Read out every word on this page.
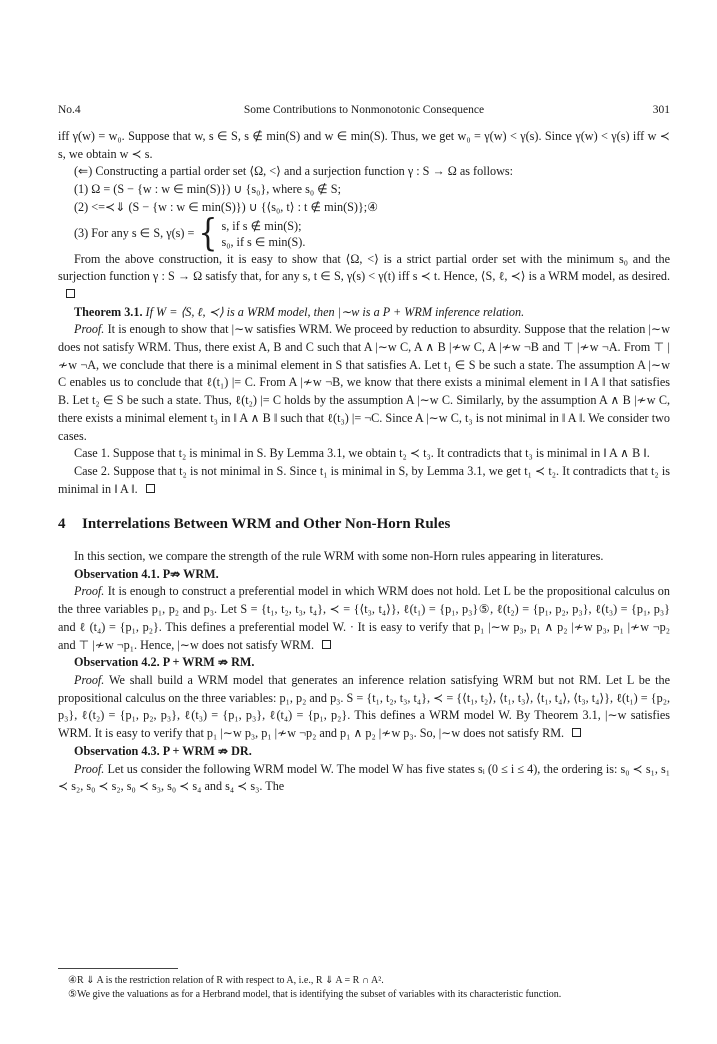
No.4	Some Contributions to Nonmonotonic Consequence	301

iff γ(w) = w₀. Suppose that w, s ∈ S, s ∉ min(S) and w ∈ min(S). Thus, we get w₀ = γ(w) < γ(s). Since γ(w) < γ(s) iff w ≺ s, we obtain w ≺ s.

(⇐) Constructing a partial order set ⟨Ω, <⟩ and a surjection function γ : S → Ω as follows:

(1) Ω = (S − {w : w ∈ min(S)}) ∪ {s₀}, where s₀ ∉ S;

(2) <=≺⇓ (S − {w : w ∈ min(S)}) ∪ {⟨s₀, t⟩ : t ∉ min(S)};④

(3) For any s ∈ S, γ(s) = { s, if s ∉ min(S);
s₀, if s ∈ min(S).

From the above construction, it is easy to show that ⟨Ω, <⟩ is a strict partial order set with the minimum s₀ and the surjection function γ : S → Ω satisfy that, for any s, t ∈ S, γ(s) < γ(t) iff s ≺ t. Hence, ⟨S, ℓ, ≺⟩ is a WRM model, as desired.

Theorem 3.1. If W = ⟨S, ℓ, ≺⟩ is a WRM model, then |∼w is a P + WRM inference relation.

Proof. It is enough to show that |∼w satisfies WRM. We proceed by reduction to absurdity. Suppose that the relation |∼w does not satisfy WRM. Thus, there exist A, B and C such that A |∼w C, A ∧ B |≁w C, A |≁w ¬B and ⊤ |≁w ¬A. From ⊤ |≁w ¬A, we conclude that there is a minimal element in S that satisfies A. Let t₁ ∈ S be such a state. The assumption A |∼w C enables us to conclude that ℓ(t₁) |= C. From A |≁w ¬B, we know that there exists a minimal element in ‖ A ‖ that satisfies B. Let t₂ ∈ S be such a state. Thus, ℓ(t₂) |= C holds by the assumption A |∼w C. Similarly, by the assumption A ∧ B |≁w C, there exists a minimal element t₃ in ‖ A ∧ B ‖ such that ℓ(t₃) |= ¬C. Since A |∼w C, t₃ is not minimal in ‖ A ‖. We consider two cases.

Case 1. Suppose that t₂ is minimal in S. By Lemma 3.1, we obtain t₂ ≺ t₃. It contradicts that t₃ is minimal in ‖ A ∧ B ‖.

Case 2. Suppose that t₂ is not minimal in S. Since t₁ is minimal in S, by Lemma 3.1, we get t₁ ≺ t₂. It contradicts that t₂ is minimal in ‖ A ‖.

4 Interrelations Between WRM and Other Non-Horn Rules

In this section, we compare the strength of the rule WRM with some non-Horn rules appearing in literatures.

Observation 4.1. P⇏ WRM.

Proof. It is enough to construct a preferential model in which WRM does not hold. Let L be the propositional calculus on the three variables p₁, p₂ and p₃. Let S = {t₁, t₂, t₃, t₄}, ≺ = {⟨t₃, t₄⟩}, ℓ(t₁) = {p₁, p₃}⑤, ℓ(t₂) = {p₁, p₂, p₃}, ℓ(t₃) = {p₁, p₃} and ℓ (t₄) = {p₁, p₂}. This defines a preferential model W. · It is easy to verify that p₁ |∼w p₃, p₁ ∧ p₂ |≁w p₃, p₁ |≁w ¬p₂ and ⊤ |≁w ¬p₁. Hence, |∼w does not satisfy WRM.

Observation 4.2. P + WRM ⇏ RM.

Proof. We shall build a WRM model that generates an inference relation satisfying WRM but not RM. Let L be the propositional calculus on the three variables: p₁, p₂ and p₃. S = {t₁, t₂, t₃, t₄}, ≺ = {⟨t₁, t₂⟩, ⟨t₁, t₃⟩, ⟨t₁, t₄⟩, ⟨t₃, t₄⟩}, ℓ(t₁) = {p₂, p₃}, ℓ(t₂) = {p₁, p₂, p₃}, ℓ(t₃) = {p₁, p₃}, ℓ(t₄) = {p₁, p₂}. This defines a WRM model W. By Theorem 3.1, |∼w satisfies WRM. It is easy to verify that p₁ |∼w p₃, p₁ |≁w ¬p₂ and p₁ ∧ p₂ |≁w p₃. So, |∼w does not satisfy RM.

Observation 4.3. P + WRM ⇏ DR.

Proof. Let us consider the following WRM model W. The model W has five states sᵢ (0 ≤ i ≤ 4), the ordering is: s₀ ≺ s₁, s₁ ≺ s₂, s₀ ≺ s₂, s₀ ≺ s₃, s₀ ≺ s₄ and s₄ ≺ s₃. The

④R ⇓ A is the restriction relation of R with respect to A, i.e., R ⇓ A = R ∩ A².

⑤We give the valuations as for a Herbrand model, that is identifying the subset of variables with its characteristic function.
